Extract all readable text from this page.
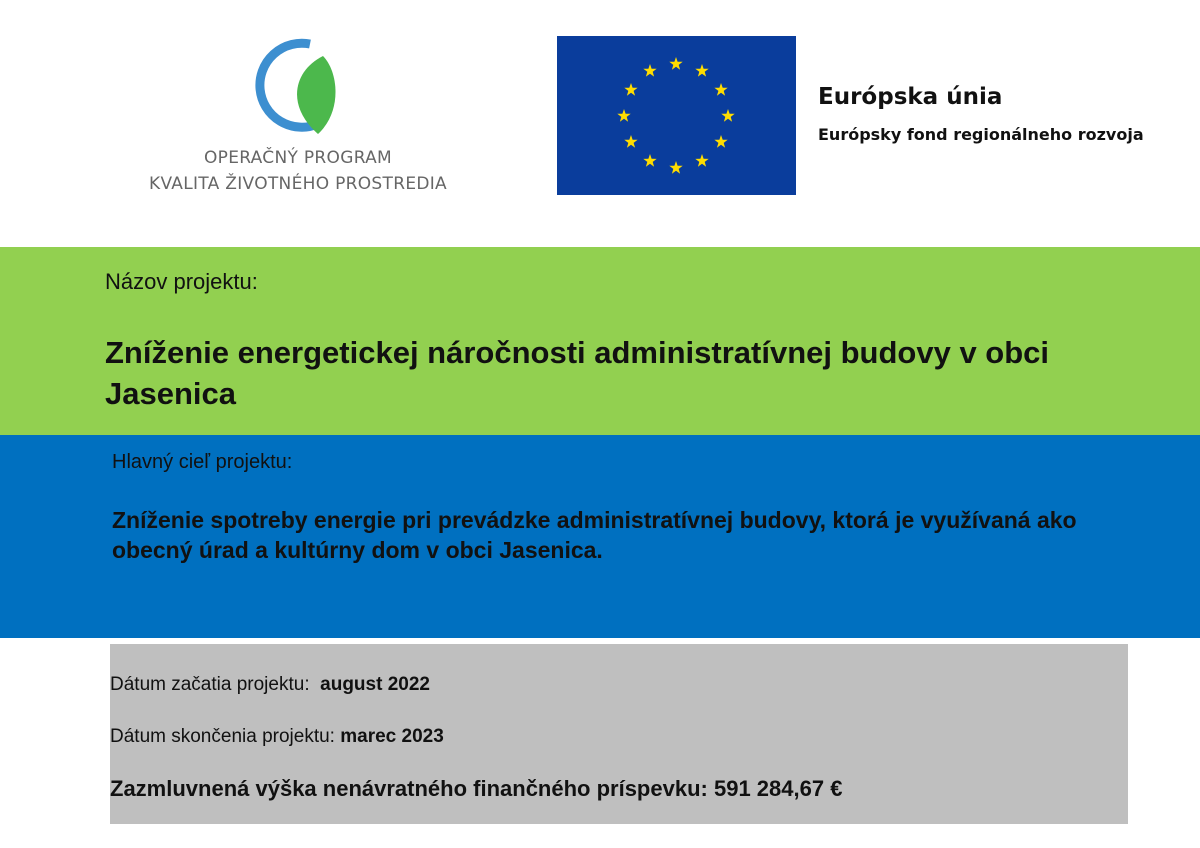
OPERAČNÝ PROGRAM
KVALITA ŽIVOTNÉHO PROSTREDIA
Európska únia
Európsky fond regionálneho rozvoja
Názov projektu:
Zníženie energetickej náročnosti administratívnej budovy v obci Jasenica
Hlavný cieľ projektu:
Zníženie spotreby energie pri prevádzke administratívnej budovy, ktorá je využívaná ako obecný úrad a kultúrny dom v obci Jasenica.
Dátum začatia projektu: august 2022
Dátum skončenia projektu: marec 2023
Zazmluvnená výška nenávratného finančného príspevku: 591 284,67 €
